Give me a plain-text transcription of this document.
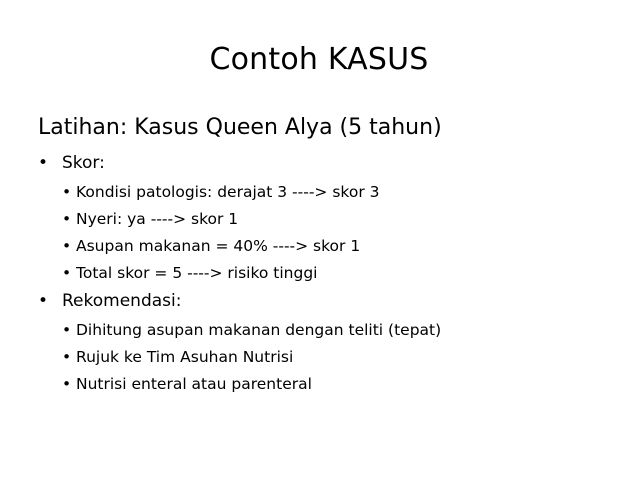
Contoh KASUS
Latihan: Kasus Queen Alya (5 tahun)
• Skor:
• Kondisi patologis: derajat 3 ----> skor 3
• Nyeri: ya ----> skor 1
• Asupan makanan = 40% ----> skor 1
• Total skor = 5 ----> risiko tinggi
• Rekomendasi:
• Dihitung asupan makanan dengan teliti (tepat)
• Rujuk ke Tim Asuhan Nutrisi
• Nutrisi enteral atau parenteral
